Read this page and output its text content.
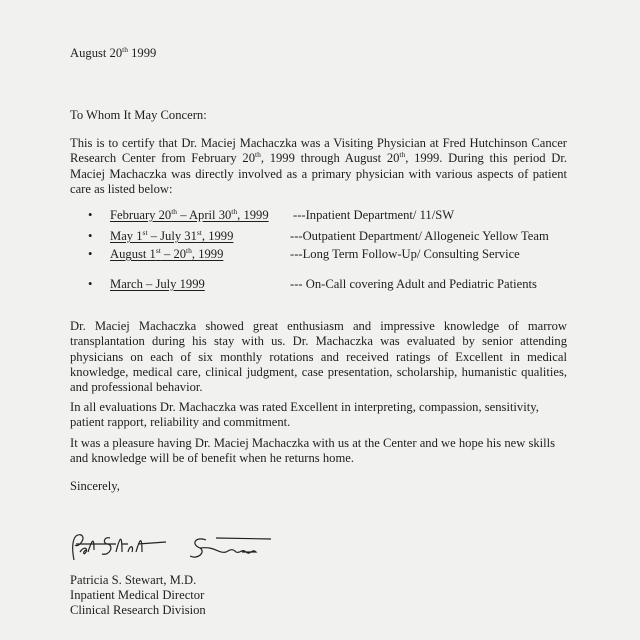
August 20th 1999
To Whom It May Concern:
This is to certify that Dr. Maciej Machaczka was a Visiting Physician at Fred Hutchinson Cancer Research Center from February 20th, 1999 through August 20th, 1999. During this period Dr. Maciej Machaczka was directly involved as a primary physician with various aspects of patient care as listed below:
• February 20th – April 30th, 1999 ---Inpatient Department/ 11/SW
• May 1st – July 31st, 1999	---Outpatient Department/ Allogeneic Yellow Team
• August 1st – 20th, 1999	---Long Term Follow-Up/ Consulting Service
• March – July 1999	--- On-Call covering Adult and Pediatric Patients
Dr. Maciej Machaczka showed great enthusiasm and impressive knowledge of marrow transplantation during his stay with us. Dr. Machaczka was evaluated by senior attending physicians on each of six monthly rotations and received ratings of Excellent in medical knowledge, medical care, clinical judgment, case presentation, scholarship, humanistic qualities, and professional behavior.
In all evaluations Dr. Machaczka was rated Excellent in interpreting, compassion, sensitivity, patient rapport, reliability and commitment.
It was a pleasure having Dr. Maciej Machaczka with us at the Center and we hope his new skills and knowledge will be of benefit when he returns home.
Sincerely,
Patricia S. Stewart, M.D.
Inpatient Medical Director
Clinical Research Division
